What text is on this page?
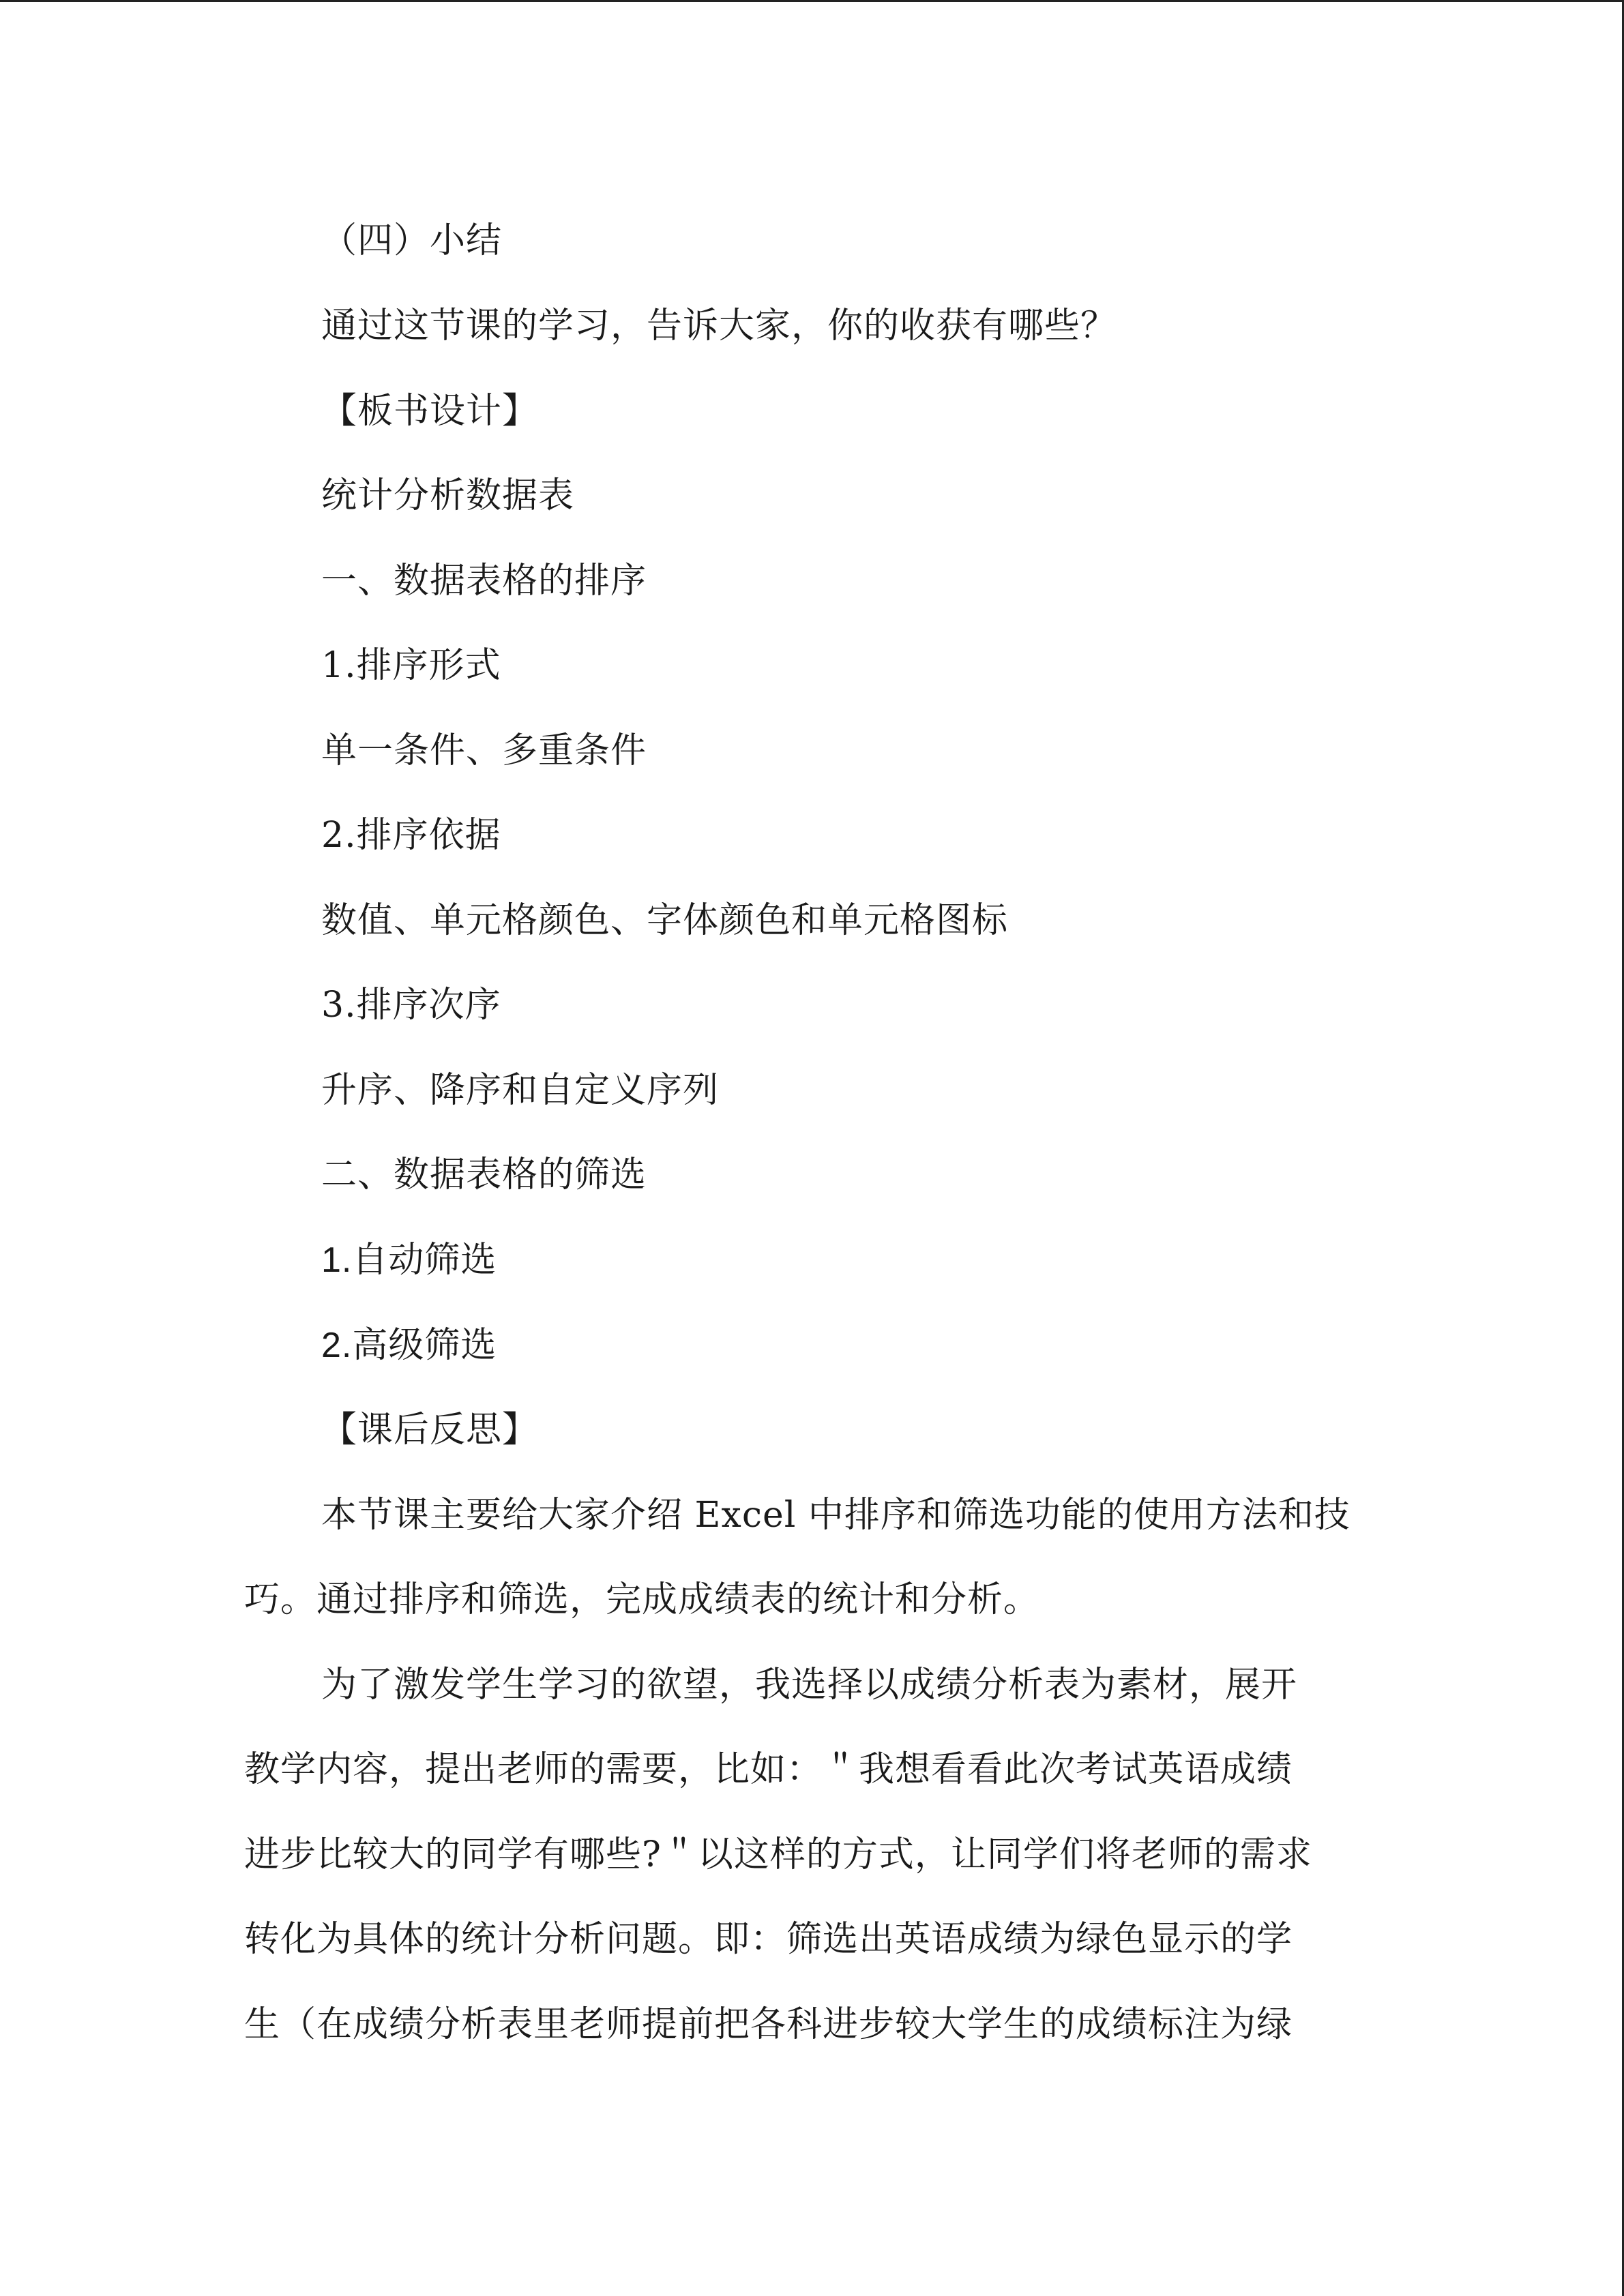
（四）小结
通过这节课的学习，告诉大家，你的收获有哪些？
【板书设计】
统计分析数据表
一、数据表格的排序
1.排序形式
单一条件、多重条件
2.排序依据
数值、单元格颜色、字体颜色和单元格图标
3.排序次序
升序、降序和自定义序列
二、数据表格的筛选
1.自动筛选
2.高级筛选
【课后反思】
本节课主要给大家介绍 Excel 中排序和筛选功能的使用方法和技
巧。通过排序和筛选，完成成绩表的统计和分析。
为了激发学生学习的欲望，我选择以成绩分析表为素材，展开
教学内容，提出老师的需要，比如：＂我想看看此次考试英语成绩
进步比较大的同学有哪些?＂以这样的方式，让同学们将老师的需求
转化为具体的统计分析问题。即：筛选出英语成绩为绿色显示的学
生（在成绩分析表里老师提前把各科进步较大学生的成绩标注为绿
